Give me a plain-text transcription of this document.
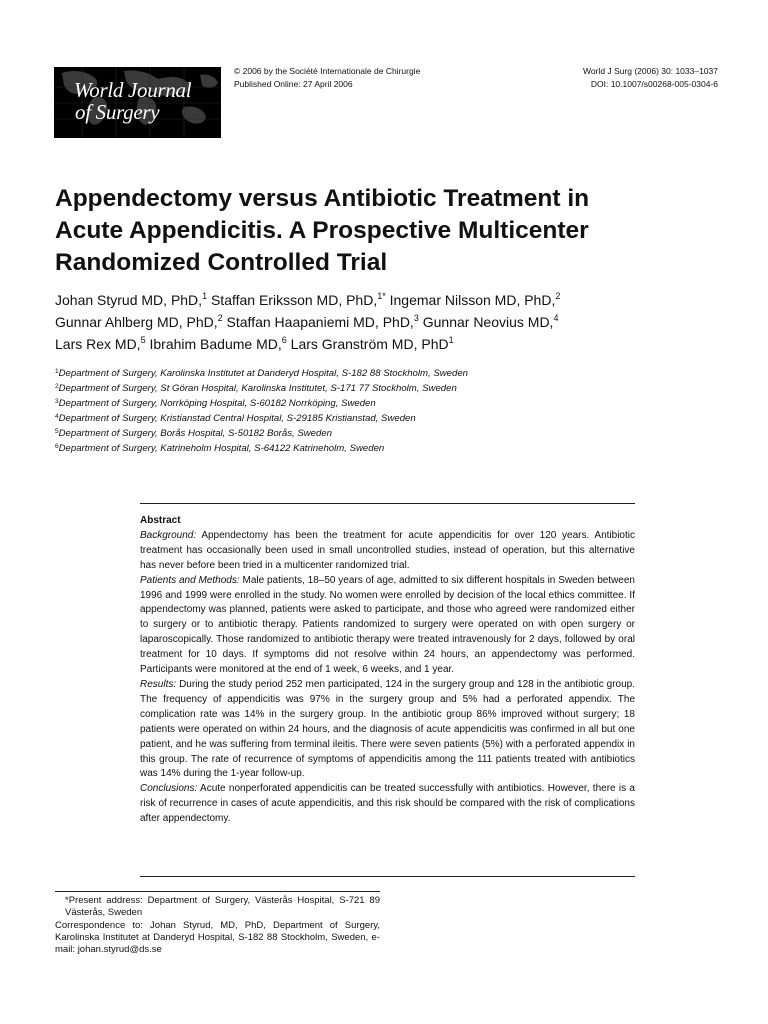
World Journal
of Surgery
© 2006 by the Société Internationale de Chirurgie
Published Online: 27 April 2006
World J Surg (2006) 30: 1033–1037
DOI: 10.1007/s00268-005-0304-6
Appendectomy versus Antibiotic Treatment in
Acute Appendicitis. A Prospective Multicenter
Randomized Controlled Trial
Johan Styrud MD, PhD,$^1$ Staffan Eriksson MD, PhD,$^{1*}$ Ingemar Nilsson MD, PhD,$^2$
Gunnar Ahlberg MD, PhD,$^2$ Staffan Haapaniemi MD, PhD,$^3$ Gunnar Neovius MD,$^4$
Lars Rex MD,$^5$ Ibrahim Badume MD,$^6$ Lars Granström MD, PhD$^1$
$^1$Department of Surgery, Karolinska Institutet at Danderyd Hospital, S-182 88 Stockholm, Sweden
$^2$Department of Surgery, St Göran Hospital, Karolinska Institutet, S-171 77 Stockholm, Sweden
$^3$Department of Surgery, Norrköping Hospital, S-60182 Norrköping, Sweden
$^4$Department of Surgery, Kristianstad Central Hospital, S-29185 Kristianstad, Sweden
$^5$Department of Surgery, Borås Hospital, S-50182 Borås, Sweden
$^6$Department of Surgery, Katrineholm Hospital, S-64122 Katrineholm, Sweden
Abstract

Background: Appendectomy has been the treatment for acute appendicitis for over 120 years. Antibiotic treatment has occasionally been used in small uncontrolled studies, instead of operation, but this alternative has never before been tried in a multicenter randomized trial.

Patients and Methods: Male patients, 18–50 years of age, admitted to six different hospitals in Sweden between 1996 and 1999 were enrolled in the study. No women were enrolled by decision of the local ethics committee. If appendectomy was planned, patients were asked to participate, and those who agreed were randomized either to surgery or to antibiotic therapy. Patients randomized to surgery were operated on with open surgery or laparoscopically. Those randomized to antibiotic therapy were treated intravenously for 2 days, followed by oral treatment for 10 days. If symptoms did not resolve within 24 hours, an appendectomy was performed. Participants were monitored at the end of 1 week, 6 weeks, and 1 year.

Results: During the study period 252 men participated, 124 in the surgery group and 128 in the antibiotic group. The frequency of appendicitis was 97% in the surgery group and 5% had a perforated appendix. The complication rate was 14% in the surgery group. In the antibiotic group 86% improved without surgery; 18 patients were operated on within 24 hours, and the diagnosis of acute appendicitis was confirmed in all but one patient, and he was suffering from terminal ileitis. There were seven patients (5%) with a perforated appendix in this group. The rate of recurrence of symptoms of appendicitis among the 111 patients treated with antibiotics was 14% during the 1-year follow-up.

Conclusions: Acute nonperforated appendicitis can be treated successfully with antibiotics. However, there is a risk of recurrence in cases of acute appendicitis, and this risk should be compared with the risk of complications after appendectomy.

*Present address: Department of Surgery, Västerås Hospital, S-721 89 Västerås, Sweden

Correspondence to: Johan Styrud, MD, PhD, Department of Surgery, Karolinska Institutet at Danderyd Hospital, S-182 88 Stockholm, Sweden, e-mail: johan.styrud@ds.se
